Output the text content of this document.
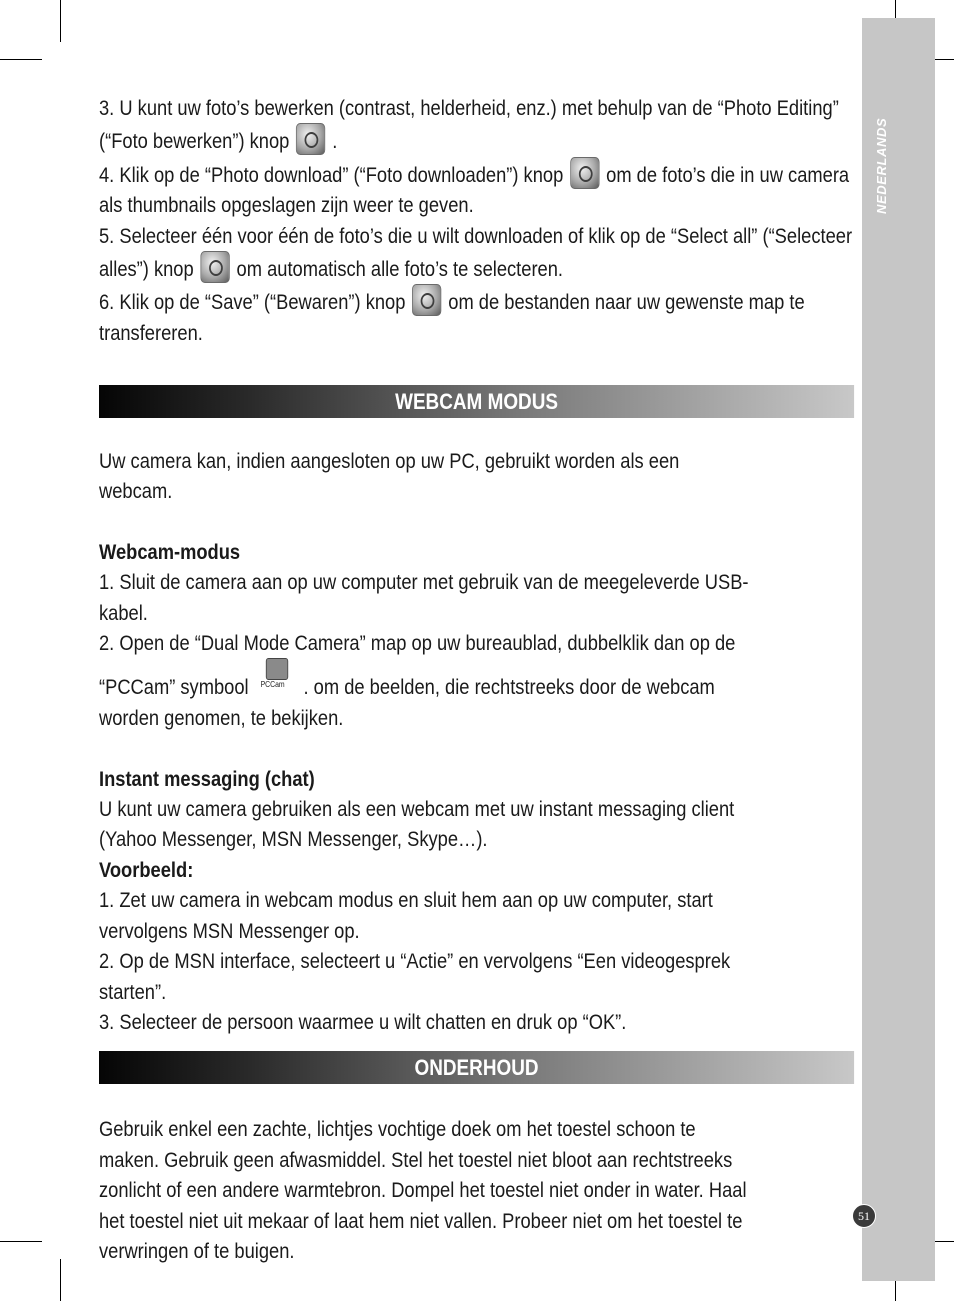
NEDERLANDS
51

3. U kunt uw foto’s bewerken (contrast, helderheid, enz.) met behulp van de “Photo Editing” (“Foto bewerken”) knop .

4. Klik op de “Photo download” (“Foto downloaden”) knop om de foto’s die in uw camera als thumbnails opgeslagen zijn weer te geven.

5. Selecteer één voor één de foto’s die u wilt downloaden of klik op de “Select all” (“Selecteer alles”) knop om automatisch alle foto’s te selecteren.

6. Klik op de “Save” (“Bewaren”) knop om de bestanden naar uw gewenste map te transfereren.

WEBCAM MODUS

Uw camera kan, indien aangesloten op uw PC, gebruikt worden als een webcam.

Webcam-modus

1. Sluit de camera aan op uw computer met gebruik van de meegeleverde USB-kabel.

2. Open de “Dual Mode Camera” map op uw bureaublad, dubbelklik dan op de “PCCam” symbool PCCam . om de beelden, die rechtstreeks door de webcam worden genomen, te bekijken.

Instant messaging (chat)

U kunt uw camera gebruiken als een webcam met uw instant messaging client (Yahoo Messenger, MSN Messenger, Skype…).

Voorbeeld:

1. Zet uw camera in webcam modus en sluit hem aan op uw computer, start vervolgens MSN Messenger op.

2. Op de MSN interface, selecteert u “Actie” en vervolgens “Een videogesprek starten”.

3. Selecteer de persoon waarmee u wilt chatten en druk op “OK”.

ONDERHOUD

Gebruik enkel een zachte, lichtjes vochtige doek om het toestel schoon te maken. Gebruik geen afwasmiddel. Stel het toestel niet bloot aan rechtstreeks zonlicht of een andere warmtebron. Dompel het toestel niet onder in water. Haal het toestel niet uit mekaar of laat hem niet vallen. Probeer niet om het toestel te verwringen of te buigen.
